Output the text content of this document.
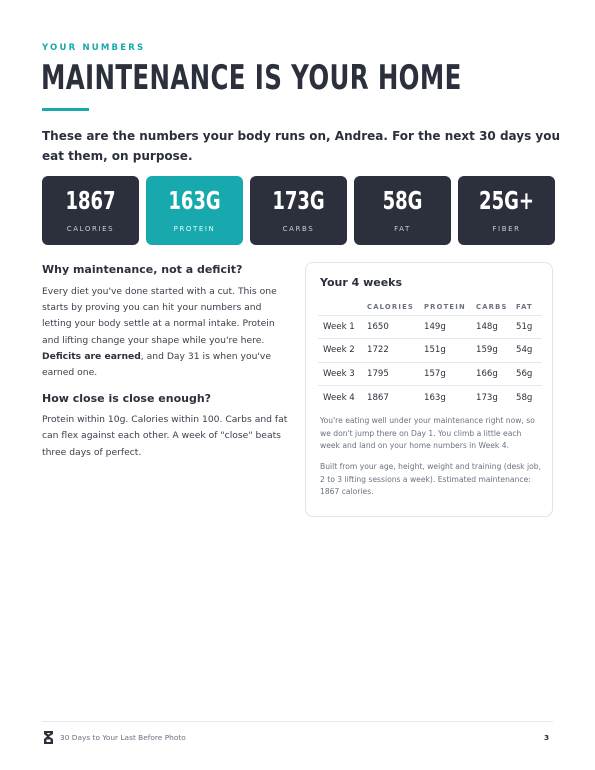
YOUR NUMBERS
MAINTENANCE IS YOUR HOME
These are the numbers your body runs on, Andrea. For the next 30 days you eat them, on purpose.
1867
CALORIES
163G
PROTEIN
173G
CARBS
58G
FAT
25G+
FIBER
Why maintenance, not a deficit?

Every diet you've done started with a cut. This one starts by proving you can hit your numbers and letting your body settle at a normal intake. Protein and lifting change your shape while you're here. Deficits are earned, and Day 31 is when you've earned one.

How close is close enough?

Protein within 10g. Calories within 100. Carbs and fat can flex against each other. A week of "close" beats three days of perfect.

Your 4 weeks
	CALORIES	PROTEIN	CARBS	FAT
Week 1	1650	149g	148g	51g
Week 2	1722	151g	159g	54g
Week 3	1795	157g	166g	56g
Week 4	1867	163g	173g	58g
You're eating well under your maintenance right now, so we don't jump there on Day 1. You climb a little each week and land on your home numbers in Week 4.
Built from your age, height, weight and training (desk job, 2 to 3 lifting sessions a week). Estimated maintenance: 1867 calories.
30 Days to Your Last Before Photo	3
